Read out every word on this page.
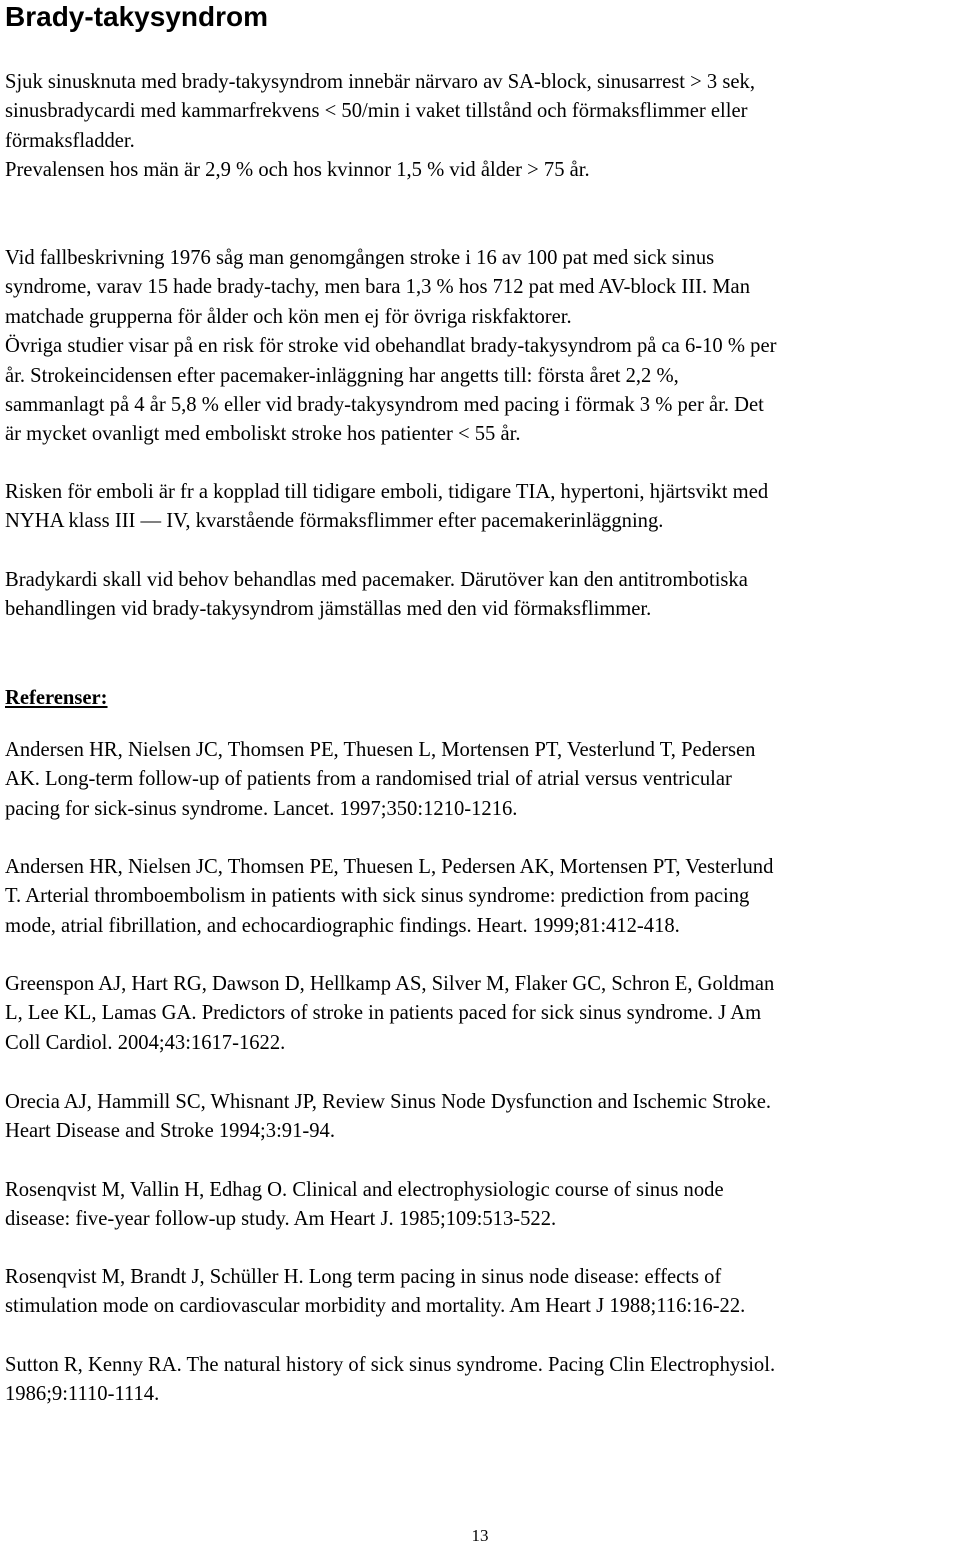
Brady-takysyndrom

Sjuk sinusknuta med brady-takysyndrom innebär närvaro av SA-block, sinusarrest > 3 sek,
sinusbradycardi med kammarfrekvens < 50/min i vaket tillstånd och förmaksflimmer eller
förmaksfladder.

Prevalensen hos män är 2,9 % och hos kvinnor 1,5 % vid ålder > 75 år.

Vid fallbeskrivning 1976 såg man genomgången stroke i 16 av 100 pat med sick sinus
syndrome, varav 15 hade brady-tachy, men bara 1,3 % hos 712 pat med AV-block III. Man
matchade grupperna för ålder och kön men ej för övriga riskfaktorer.
Övriga studier visar på en risk för stroke vid obehandlat brady-takysyndrom på ca 6-10 % per
år. Strokeincidensen efter pacemaker-inläggning har angetts till: första året 2,2 %,
sammanlagt på 4 år 5,8 % eller vid brady-takysyndrom med pacing i förmak 3 % per år. Det
är mycket ovanligt med emboliskt stroke hos patienter < 55 år.

Risken för emboli är fr a kopplad till tidigare emboli, tidigare TIA, hypertoni, hjärtsvikt med
NYHA klass III — IV, kvarstående förmaksflimmer efter pacemakerinläggning.

Bradykardi skall vid behov behandlas med pacemaker. Därutöver kan den antitrombotiska
behandlingen vid brady-takysyndrom jämställas med den vid förmaksflimmer.

Referenser:

Andersen HR, Nielsen JC, Thomsen PE, Thuesen L, Mortensen PT, Vesterlund T, Pedersen
AK. Long-term follow-up of patients from a randomised trial of atrial versus ventricular
pacing for sick-sinus syndrome. Lancet. 1997;350:1210-1216.

Andersen HR, Nielsen JC, Thomsen PE, Thuesen L, Pedersen AK, Mortensen PT, Vesterlund
T. Arterial thromboembolism in patients with sick sinus syndrome: prediction from pacing
mode, atrial fibrillation, and echocardiographic findings. Heart. 1999;81:412-418.

Greenspon AJ, Hart RG, Dawson D, Hellkamp AS, Silver M, Flaker GC, Schron E, Goldman
L, Lee KL, Lamas GA. Predictors of stroke in patients paced for sick sinus syndrome. J Am
Coll Cardiol. 2004;43:1617-1622.

Orecia AJ, Hammill SC, Whisnant JP, Review Sinus Node Dysfunction and Ischemic Stroke.
Heart Disease and Stroke 1994;3:91-94.

Rosenqvist M, Vallin H, Edhag O. Clinical and electrophysiologic course of sinus node
disease: five-year follow-up study. Am Heart J. 1985;109:513-522.

Rosenqvist M, Brandt J, Schüller H. Long term pacing in sinus node disease: effects of
stimulation mode on cardiovascular morbidity and mortality. Am Heart J 1988;116:16-22.

Sutton R, Kenny RA. The natural history of sick sinus syndrome. Pacing Clin Electrophysiol.
1986;9:1110-1114.

13
